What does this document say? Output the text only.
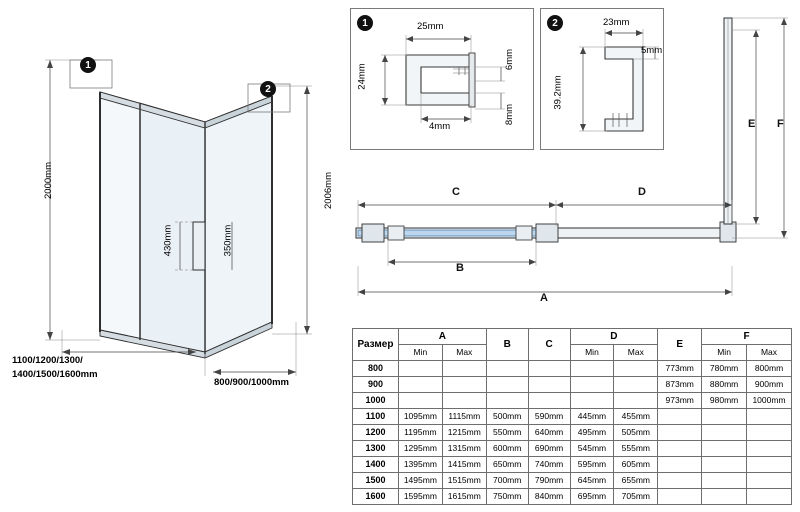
1
2
2000mm	2006mm
430mm	350mm
1100/1200/1300/
1400/1500/1600mm
800/900/1000mm
1	25mm
24mm
4mm
6mm
8mm
2	23mm
39.2mm
5mm
C	D
B
A
E F
Размер	A		B	C	D		E	F	
	Min	Max			Min	Max		Min	Max
800							773mm	780mm	800mm
900							873mm	880mm	900mm
1000							973mm	980mm	1000mm
1100	1095mm	1115mm	500mm	590mm	445mm	455mm			
1200	1195mm	1215mm	550mm	640mm	495mm	505mm			
1300	1295mm	1315mm	600mm	690mm	545mm	555mm			
1400	1395mm	1415mm	650mm	740mm	595mm	605mm			
1500	1495mm	1515mm	700mm	790mm	645mm	655mm			
1600	1595mm	1615mm	750mm	840mm	695mm	705mm			
